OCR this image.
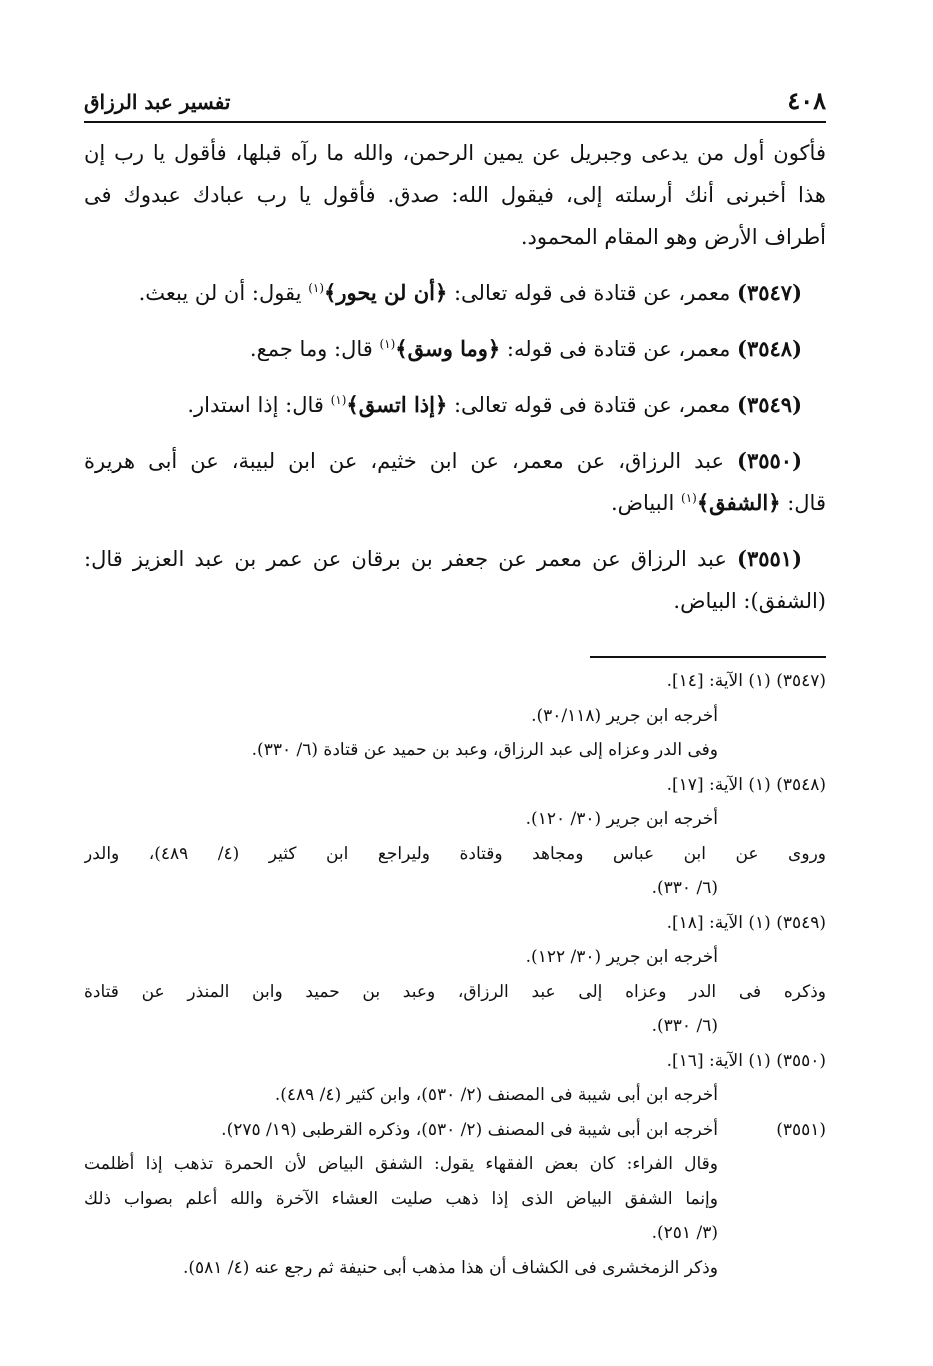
٤٠٨
تفسير عبد الرزاق
فأكون أول من يدعى وجبريل عن يمين الرحمن، والله ما رآه قبلها، فأقول يا رب إن
هذا أخبرنى أنك أرسلته إلى، فيقول الله: صدق. فأقول يا رب عبادك عبدوك فى
أطراف الأرض وهو المقام المحمود.
(٣٥٤٧) معمر، عن قتادة فى قوله تعالى: ﴿أن لن يحور﴾$^{(١)}$ يقول: أن لن يبعث.
(٣٥٤٨) معمر، عن قتادة فى قوله: ﴿وما وسق﴾$^{(١)}$ قال: وما جمع.
(٣٥٤٩) معمر، عن قتادة فى قوله تعالى: ﴿إذا اتسق﴾$^{(١)}$ قال: إذا استدار.
(٣٥٥٠) عبد الرزاق، عن معمر، عن ابن خثيم، عن ابن لبيبة، عن أبى هريرة
قال: ﴿الشفق﴾$^{(١)}$ البياض.
(٣٥٥١) عبد الرزاق عن معمر عن جعفر بن برقان عن عمر بن عبد العزيز قال:
(الشفق): البياض.
(٣٥٤٧) (١) الآية: [١٤].
أخرجه ابن جرير (٣٠/١١٨).
وفى الدر وعزاه إلى عبد الرزاق، وعبد بن حميد عن قتادة (٦/ ٣٣٠).
(٣٥٤٨) (١) الآية: [١٧].
أخرجه ابن جرير (٣٠/ ١٢٠).
وروى عن ابن عباس ومجاهد وقتادة وليراجع ابن كثير (٤/ ٤٨٩)، والدر
(٦/ ٣٣٠).
(٣٥٤٩) (١) الآية: [١٨].
أخرجه ابن جرير (٣٠/ ١٢٢).
وذكره فى الدر وعزاه إلى عبد الرزاق، وعبد بن حميد وابن المنذر عن قتادة
(٦/ ٣٣٠).
(٣٥٥٠) (١) الآية: [١٦].
أخرجه ابن أبى شيبة فى المصنف (٢/ ٥٣٠)، وابن كثير (٤/ ٤٨٩).
(٣٥٥١)
أخرجه ابن أبى شيبة فى المصنف (٢/ ٥٣٠)، وذكره القرطبى (١٩/ ٢٧٥).
وقال الفراء: كان بعض الفقهاء يقول: الشفق البياض لأن الحمرة تذهب إذا أظلمت
وإنما الشفق البياض الذى إذا ذهب صليت العشاء الآخرة والله أعلم بصواب ذلك
(٣/ ٢٥١).
وذكر الزمخشرى فى الكشاف أن هذا مذهب أبى حنيفة ثم رجع عنه (٤/ ٥٨١).
